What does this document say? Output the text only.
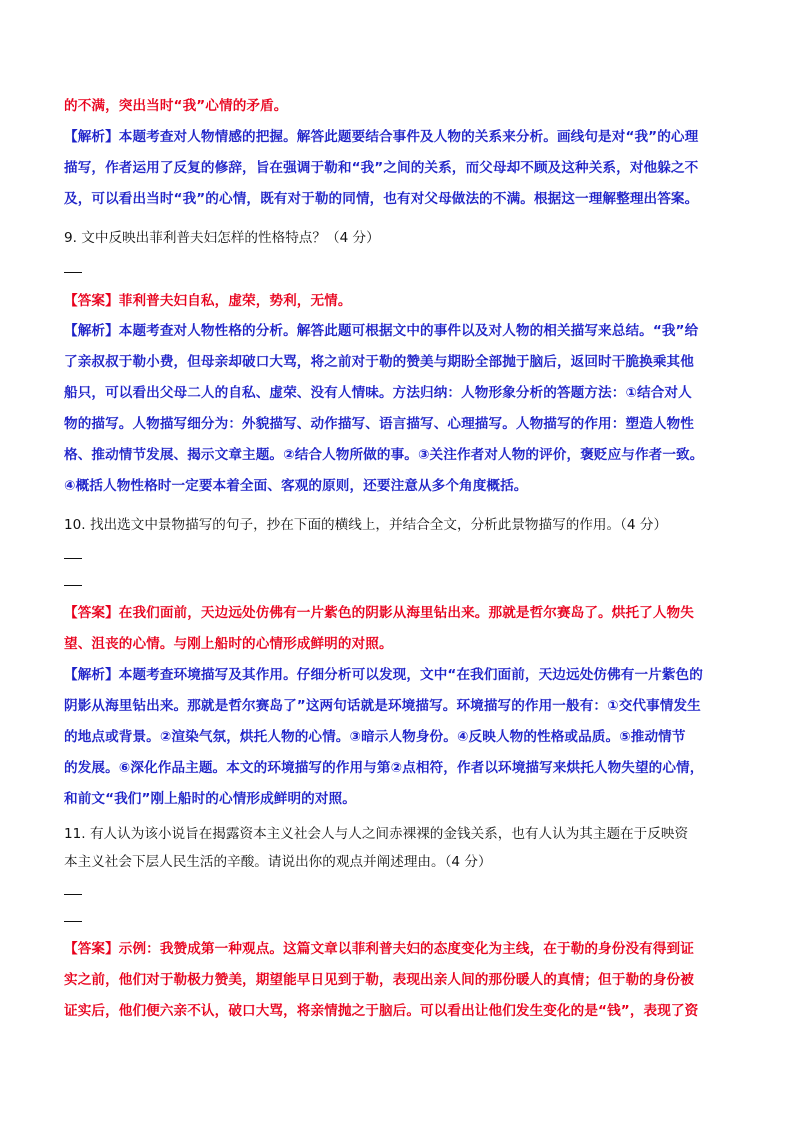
的不满，突出当时“我”心情的矛盾。
【解析】本题考查对人物情感的把握。解答此题要结合事件及人物的关系来分析。画线句是对“我”的心理
描写，作者运用了反复的修辞，旨在强调于勒和“我”之间的关系，而父母却不顾及这种关系，对他躲之不
及，可以看出当时“我”的心情，既有对于勒的同情，也有对父母做法的不满。根据这一理解整理出答案。
9. 文中反映出菲利普夫妇怎样的性格特点？（4 分）
【答案】菲利普夫妇自私，虚荣，势利，无情。
【解析】本题考查对人物性格的分析。解答此题可根据文中的事件以及对人物的相关描写来总结。“我”给
了亲叔叔于勒小费，但母亲却破口大骂，将之前对于勒的赞美与期盼全部抛于脑后，返回时干脆换乘其他
船只，可以看出父母二人的自私、虚荣、没有人情味。方法归纳：人物形象分析的答题方法：①结合对人
物的描写。人物描写细分为：外貌描写、动作描写、语言描写、心理描写。人物描写的作用：塑造人物性
格、推动情节发展、揭示文章主题。②结合人物所做的事。③关注作者对人物的评价，褒贬应与作者一致。
④概括人物性格时一定要本着全面、客观的原则，还要注意从多个角度概括。
10. 找出选文中景物描写的句子，抄在下面的横线上，并结合全文，分析此景物描写的作用。（4 分）
【答案】在我们面前，天边远处仿佛有一片紫色的阴影从海里钻出来。那就是哲尔赛岛了。烘托了人物失
望、沮丧的心情。与刚上船时的心情形成鲜明的对照。
【解析】本题考查环境描写及其作用。仔细分析可以发现，文中“在我们面前，天边远处仿佛有一片紫色的
阴影从海里钻出来。那就是哲尔赛岛了”这两句话就是环境描写。环境描写的作用一般有：①交代事情发生
的地点或背景。②渲染气氛，烘托人物的心情。③暗示人物身份。④反映人物的性格或品质。⑤推动情节
的发展。⑥深化作品主题。本文的环境描写的作用与第②点相符，作者以环境描写来烘托人物失望的心情，
和前文“我们”刚上船时的心情形成鲜明的对照。
11. 有人认为该小说旨在揭露资本主义社会人与人之间赤裸裸的金钱关系，也有人认为其主题在于反映资
本主义社会下层人民生活的辛酸。请说出你的观点并阐述理由。（4 分）
【答案】示例：我赞成第一种观点。这篇文章以菲利普夫妇的态度变化为主线，在于勒的身份没有得到证
实之前，他们对于勒极力赞美，期望能早日见到于勒，表现出亲人间的那份暖人的真情；但于勒的身份被
证实后，他们便六亲不认，破口大骂，将亲情抛之于脑后。可以看出让他们发生变化的是“钱”，表现了资
